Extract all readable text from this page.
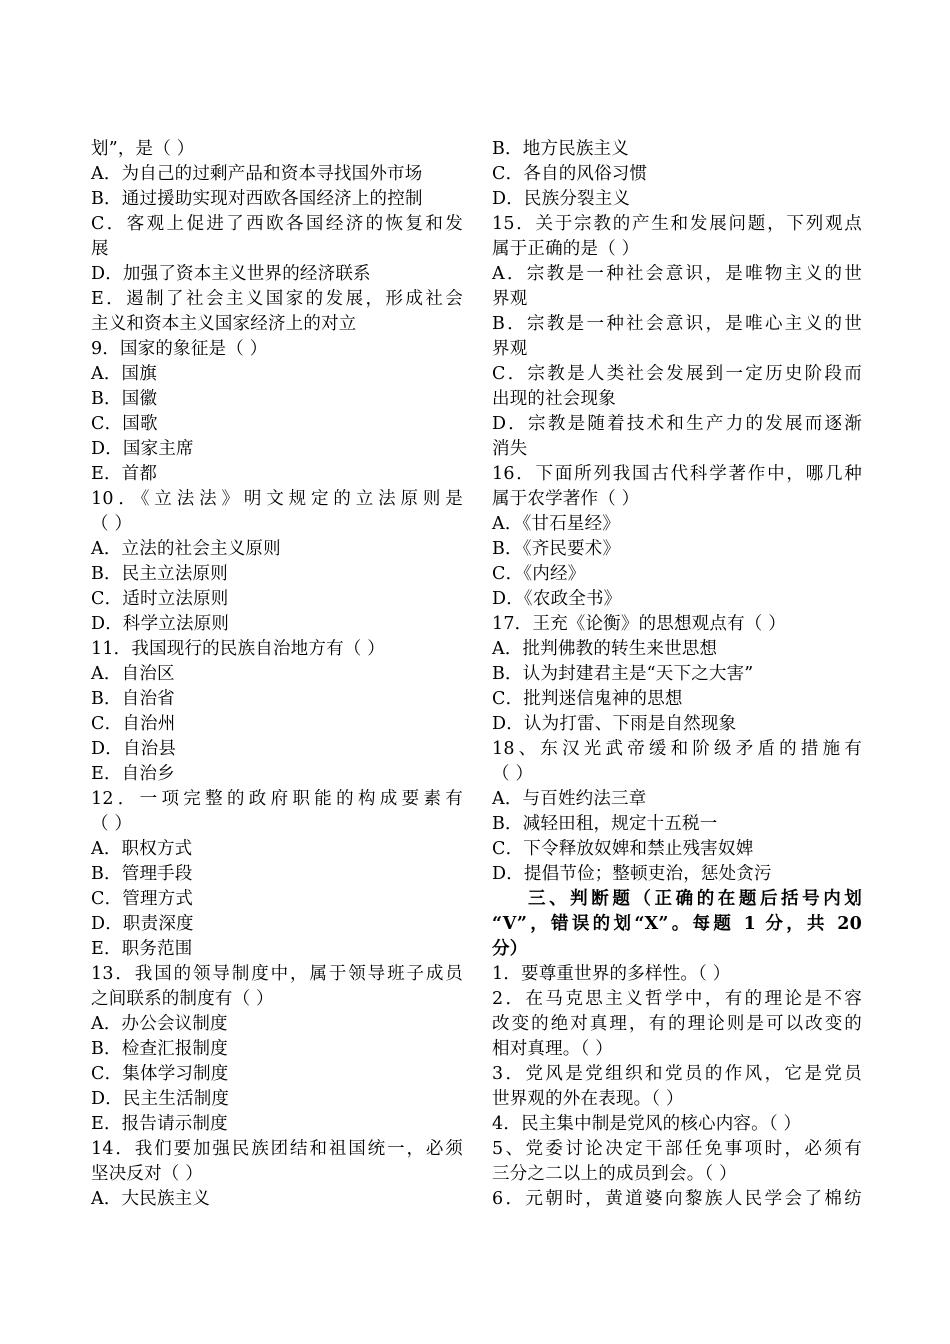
划”，是（ ）
A．为自己的过剩产品和资本寻找国外市场
B．通过援助实现对西欧各国经济上的控制
C．客观上促进了西欧各国经济的恢复和发
展
D．加强了资本主义世界的经济联系
E．遏制了社会主义国家的发展，形成社会
主义和资本主义国家经济上的对立
9．国家的象征是（ ）
A．国旗
B．国徽
C．国歌
D．国家主席
E．首都
10．《立法法》明文规定的立法原则是
（ ）
A．立法的社会主义原则
B．民主立法原则
C．适时立法原则
D．科学立法原则
11．我国现行的民族自治地方有（ ）
A．自治区
B．自治省
C．自治州
D．自治县
E．自治乡
12．一项完整的政府职能的构成要素有
（ ）
A．职权方式
B．管理手段
C．管理方式
D．职责深度
E．职务范围
13．我国的领导制度中，属于领导班子成员
之间联系的制度有（ ）
A．办公会议制度
B．检查汇报制度
C．集体学习制度
D．民主生活制度
E．报告请示制度
14．我们要加强民族团结和祖国统一，必须
坚决反对（ ）
A．大民族主义
B．地方民族主义
C．各自的风俗习惯
D．民族分裂主义
15．关于宗教的产生和发展问题，下列观点
属于正确的是（ ）
A．宗教是一种社会意识，是唯物主义的世
界观
B．宗教是一种社会意识，是唯心主义的世
界观
C．宗教是人类社会发展到一定历史阶段而
出现的社会现象
D．宗教是随着技术和生产力的发展而逐渐
消失
16．下面所列我国古代科学著作中，哪几种
属于农学著作（ ）
A．《甘石星经》
B．《齐民要术》
C．《内经》
D．《农政全书》
17．王充《论衡》的思想观点有（ ）
A．批判佛教的转生来世思想
B．认为封建君主是“天下之大害”
C．批判迷信鬼神的思想
D．认为打雷、下雨是自然现象
18、东汉光武帝缓和阶级矛盾的措施有
（ ）
A．与百姓约法三章
B．减轻田租，规定十五税一
C．下令释放奴婢和禁止残害奴婢
D．提倡节俭；整顿吏治，惩处贪污
三、判断题（正确的在题后括号内划
“V”，错误的划“X”。每题 1 分，共 20
分）
1．要尊重世界的多样性。（ ）
2．在马克思主义哲学中，有的理论是不容
改变的绝对真理，有的理论则是可以改变的
相对真理。（ ）
3．党风是党组织和党员的作风，它是党员
世界观的外在表现。（ ）
4．民主集中制是党风的核心内容。（ ）
5、党委讨论决定干部任免事项时，必须有
三分之二以上的成员到会。（ ）
6．元朝时，黄道婆向黎族人民学会了棉纺
